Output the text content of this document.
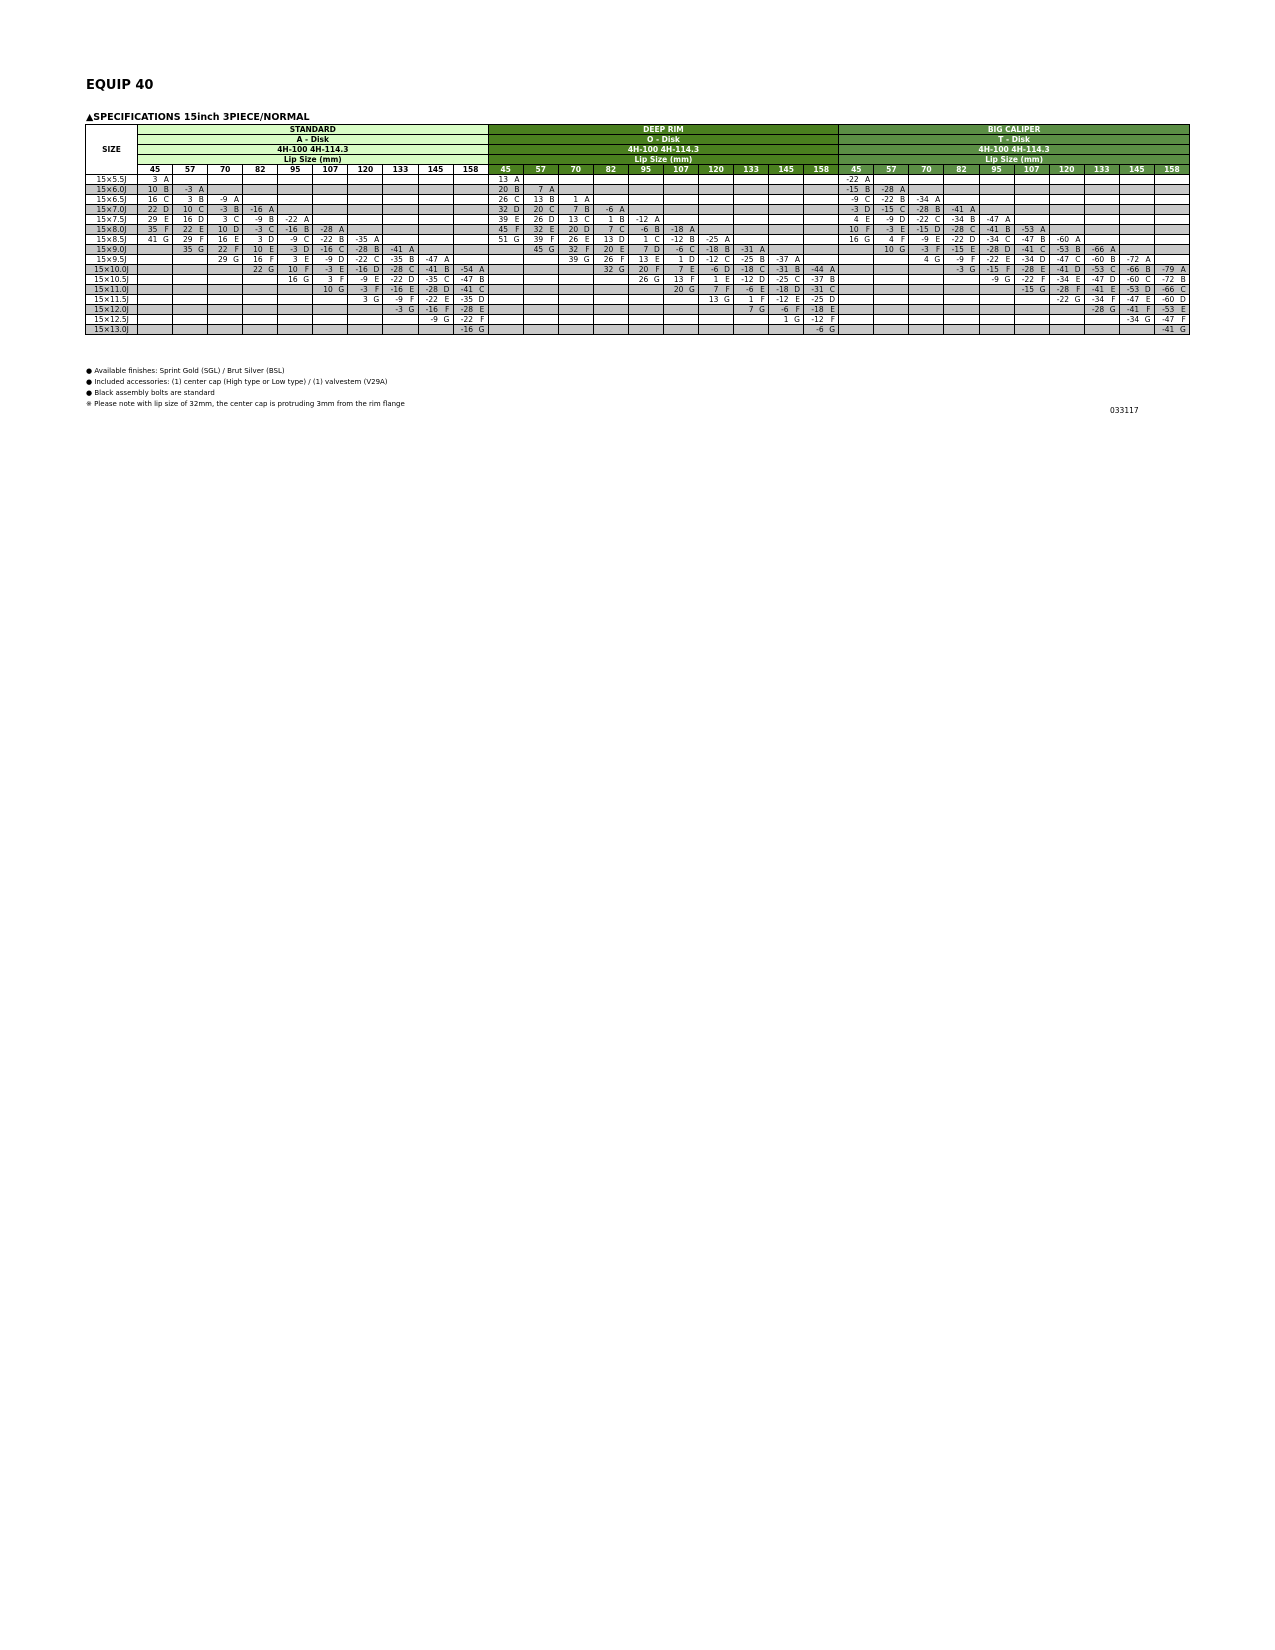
EQUIP 40
▲SPECIFICATIONS 15inch 3PIECE/NORMAL
SIZE	STANDARD										DEEP RIM										BIG CALIPER									
	A - Disk										O - Disk										T - Disk									
	4H-100 4H-114.3										4H-100 4H-114.3										4H-100 4H-114.3									
	Lip Size (mm)										Lip Size (mm)										Lip Size (mm)									
	45	57	70	82	95	107	120	133	145	158	45	57	70	82	95	107	120	133	145	158	45	57	70	82	95	107	120	133	145	158
15×5.5J	3 A										13 A										-22 A									
15×6.0J	10 B	-3 A									20 B	7 A									-15 B	-28 A								
15×6.5J	16 C	3 B	-9 A								26 C	13 B	1 A								-9 C	-22 B	-34 A							
15×7.0J	22 D	10 C	-3 B	-16 A							32 D	20 C	7 B	-6 A							-3 D	-15 C	-28 B	-41 A						
15×7.5J	29 E	16 D	3 C	-9 B	-22 A						39 E	26 D	13 C	1 B	-12 A						4 E	-9 D	-22 C	-34 B	-47 A					
15×8.0J	35 F	22 E	10 D	-3 C	-16 B	-28 A					45 F	32 E	20 D	7 C	-6 B	-18 A					10 F	-3 E	-15 D	-28 C	-41 B	-53 A				
15×8.5J	41 G	29 F	16 E	3 D	-9 C	-22 B	-35 A				51 G	39 F	26 E	13 D	1 C	-12 B	-25 A				16 G	4 F	-9 E	-22 D	-34 C	-47 B	-60 A			
15×9.0J		35 G	22 F	10 E	-3 D	-16 C	-28 B	-41 A				45 G	32 F	20 E	7 D	-6 C	-18 B	-31 A				10 G	-3 F	-15 E	-28 D	-41 C	-53 B	-66 A		
15×9.5J			29 G	16 F	3 E	-9 D	-22 C	-35 B	-47 A				39 G	26 F	13 E	1 D	-12 C	-25 B	-37 A				4 G	-9 F	-22 E	-34 D	-47 C	-60 B	-72 A	
15×10.0J				22 G	10 F	-3 E	-16 D	-28 C	-41 B	-54 A				32 G	20 F	7 E	-6 D	-18 C	-31 B	-44 A				-3 G	-15 F	-28 E	-41 D	-53 C	-66 B	-79 A
15×10.5J					16 G	3 F	-9 E	-22 D	-35 C	-47 B					26 G	13 F	1 E	-12 D	-25 C	-37 B					-9 G	-22 F	-34 E	-47 D	-60 C	-72 B
15×11.0J						10 G	-3 F	-16 E	-28 D	-41 C						20 G	7 F	-6 E	-18 D	-31 C						-15 G	-28 F	-41 E	-53 D	-66 C
15×11.5J							3 G	-9 F	-22 E	-35 D							13 G	1 F	-12 E	-25 D							-22 G	-34 F	-47 E	-60 D
15×12.0J								-3 G	-16 F	-28 E								7 G	-6 F	-18 E								-28 G	-41 F	-53 E
15×12.5J									-9 G	-22 F									1 G	-12 F									-34 G	-47 F
15×13.0J										-16 G										-6 G										-41 G
● Available finishes: Sprint Gold (SGL) / Brut Silver (BSL)
● Included accessories: (1) center cap (High type or Low type) / (1) valvestem (V29A)
● Black assembly bolts are standard
※ Please note with lip size of 32mm, the center cap is protruding 3mm from the rim flange
033117
